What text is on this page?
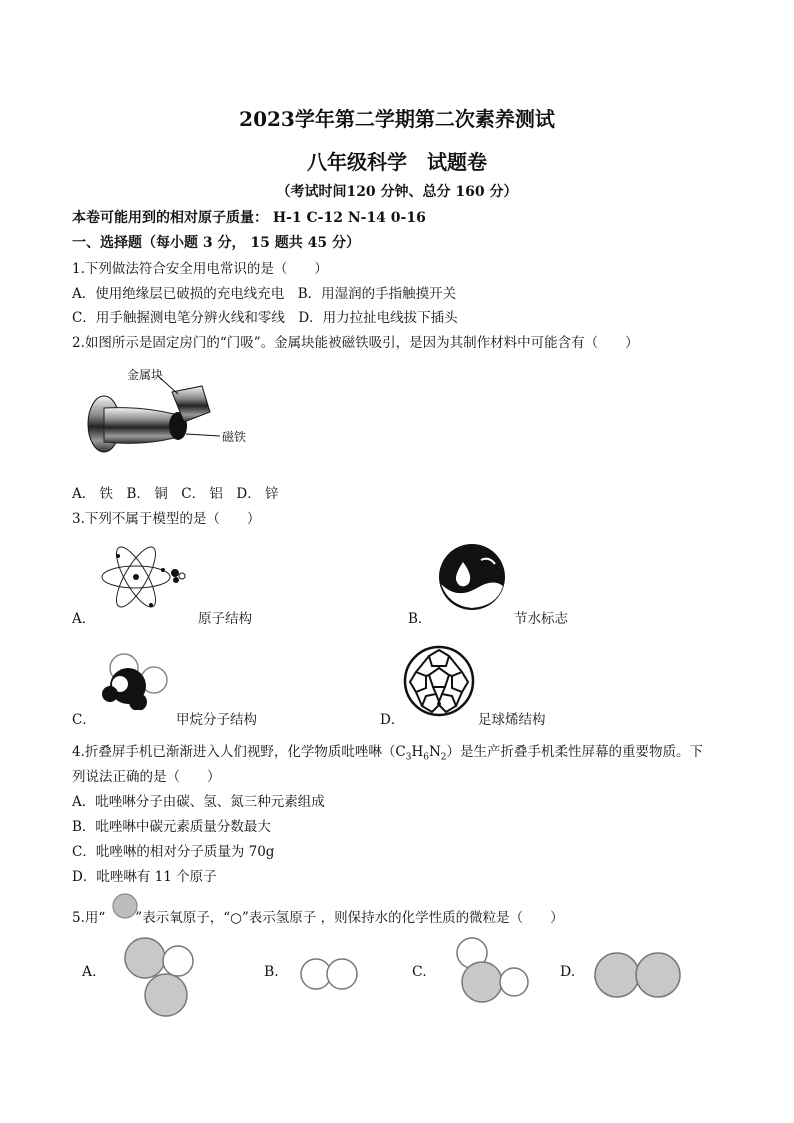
2023学年第二学期第二次素养测试
八年级科学　试题卷
（考试时间120 分钟、总分 160 分）
本卷可能用到的相对原子质量： H-1 C-12 N-14 0-16
一、选择题（每小题 3 分， 15 题共 45 分）
1.下列做法符合安全用电常识的是（　　）
A．使用绝缘层已破损的充电线充电　B．用湿润的手指触摸开关
C．用手触握测电笔分辨火线和零线　D．用力拉扯电线拔下插头
2.如图所示是固定房门的“门吸”。金属块能被磁铁吸引，是因为其制作材料中可能含有（　　）
金属块
磁铁
A． 铁　B． 铜　C． 铝　D． 锌
3.下列不属于模型的是（　　）
A．	原子结构	B．	节水标志
C．	甲烷分子结构	D．	足球烯结构
4.折叠屏手机已渐渐进入人们视野，化学物质吡唑啉$(C_3H_6N_2)$是生产折叠手机柔性屏幕的重要物质。下
列说法正确的是（　　）
A．吡唑啉分子由碳、氢、氮三种元素组成
B．吡唑啉中碳元素质量分数最大
C．吡唑啉的相对分子质量为 70g
D．吡唑啉有 11 个原子
5.用“ ”表示氧原子，“○”表示氢原子 ，则保持水的化学性质的微粒是（　　）
A.	B.	C.	D.
